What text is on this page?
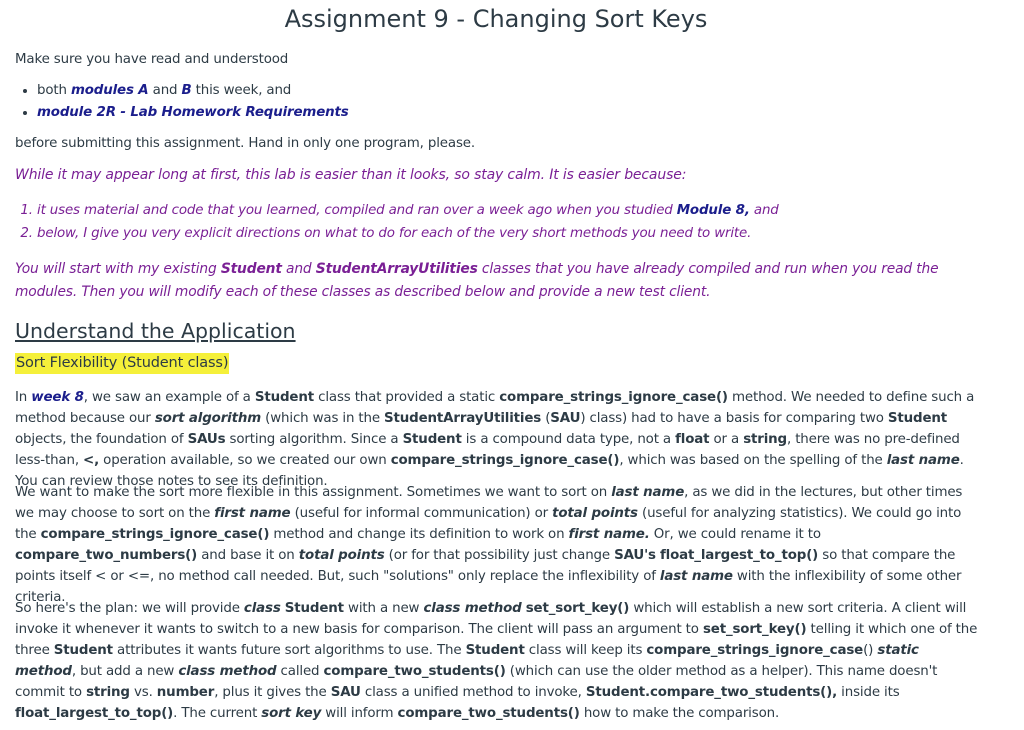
Assignment 9 - Changing Sort Keys

Make sure you have read and understood

• both modules A and B this week, and
• module 2R - Lab Homework Requirements

before submitting this assignment. Hand in only one program, please.

While it may appear long at first, this lab is easier than it looks, so stay calm. It is easier because:

1. it uses material and code that you learned, compiled and ran over a week ago when you studied Module 8, and
2. below, I give you very explicit directions on what to do for each of the very short methods you need to write.

You will start with my existing Student and StudentArrayUtilities classes that you have already compiled and run when you read the modules. Then you will modify each of these classes as described below and provide a new test client.

Understand the Application
Sort Flexibility (Student class)

In week 8, we saw an example of a Student class that provided a static compare_strings_ignore_case() method. We needed to define such a method because our sort algorithm (which was in the StudentArrayUtilities (SAU) class) had to have a basis for comparing two Student objects, the foundation of SAUs sorting algorithm. Since a Student is a compound data type, not a float or a string, there was no pre-defined less-than, <, operation available, so we created our own compare_strings_ignore_case(), which was based on the spelling of the last name. You can review those notes to see its definition.

We want to make the sort more flexible in this assignment. Sometimes we want to sort on last name, as we did in the lectures, but other times we may choose to sort on the first name (useful for informal communication) or total points (useful for analyzing statistics). We could go into the compare_strings_ignore_case() method and change its definition to work on first name. Or, we could rename it to compare_two_numbers() and base it on total points (or for that possibility just change SAU's float_largest_to_top() so that compare the points itself < or <=, no method call needed. But, such "solutions" only replace the inflexibility of last name with the inflexibility of some other criteria.

So here's the plan: we will provide class Student with a new class method set_sort_key() which will establish a new sort criteria. A client will invoke it whenever it wants to switch to a new basis for comparison. The client will pass an argument to set_sort_key() telling it which one of the three Student attributes it wants future sort algorithms to use. The Student class will keep its compare_strings_ignore_case() static method, but add a new class method called compare_two_students() (which can use the older method as a helper). This name doesn't commit to string vs. number, plus it gives the SAU class a unified method to invoke, Student.compare_two_students(), inside its float_largest_to_top(). The current sort key will inform compare_two_students() how to make the comparison.
